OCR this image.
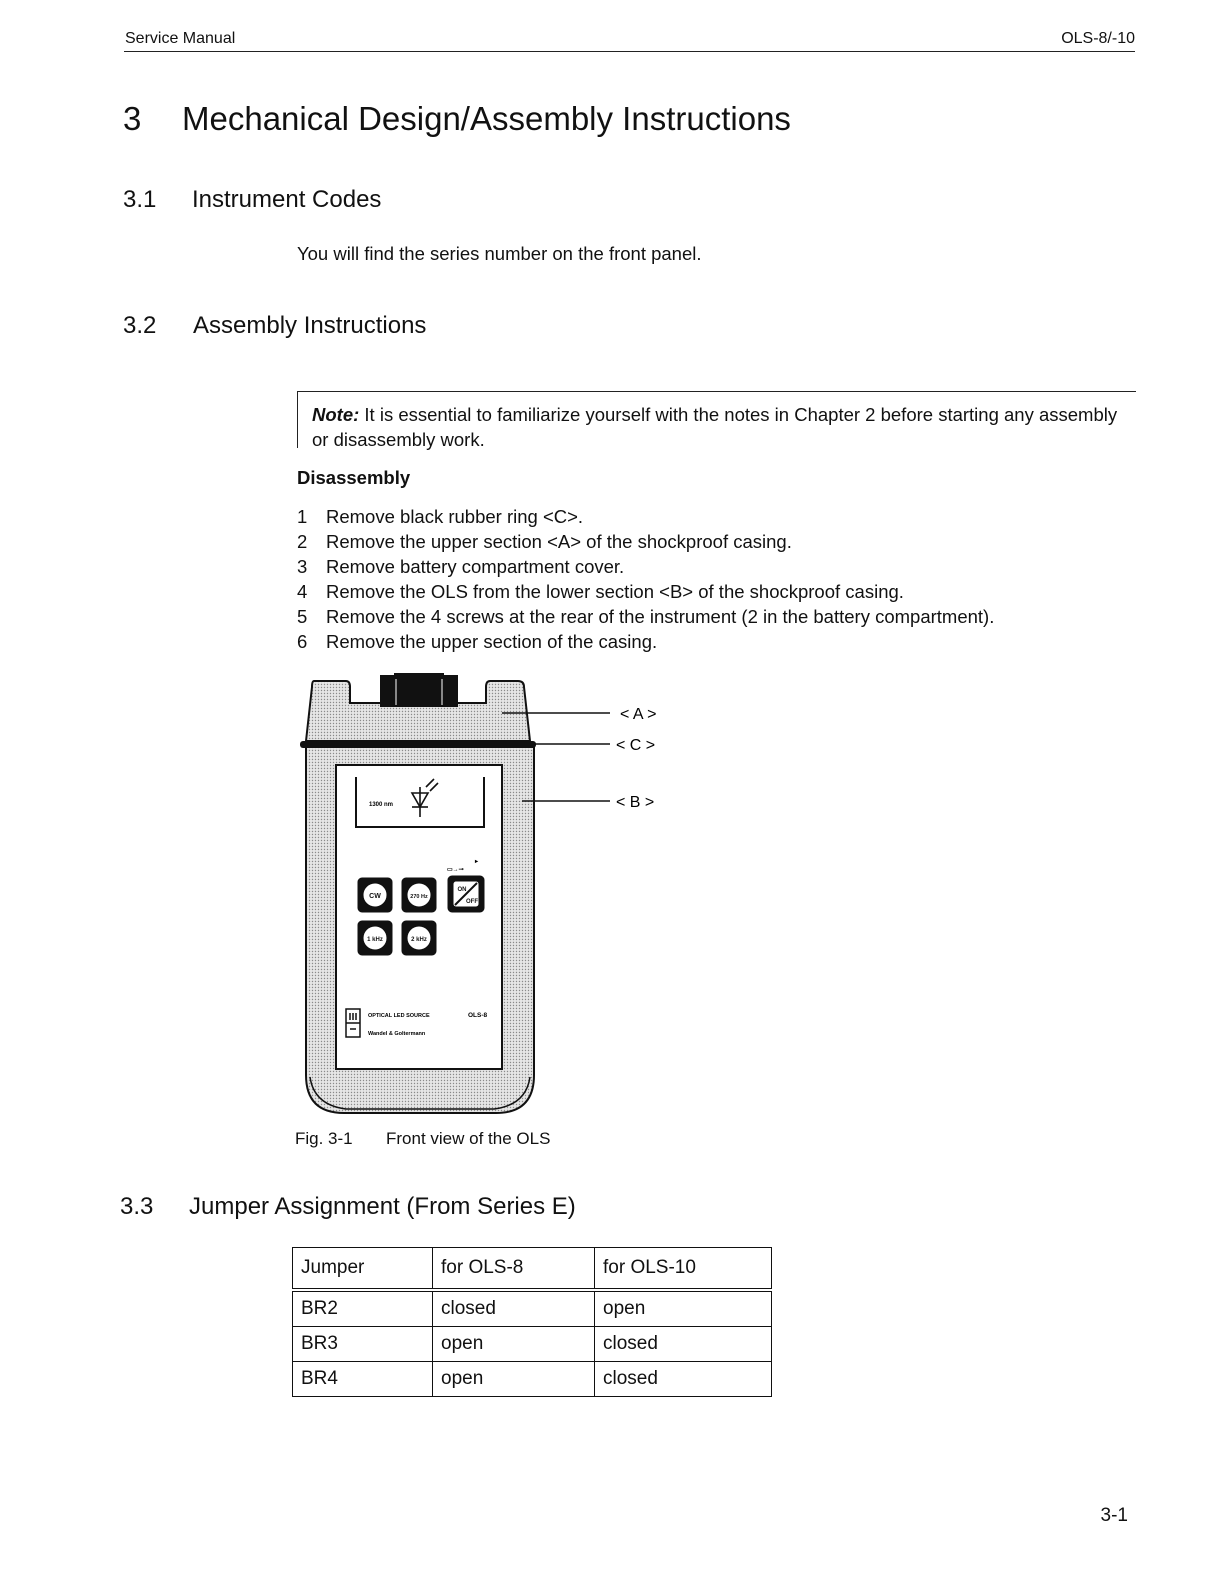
Service Manual	OLS-8/-10
3 Mechanical Design/Assembly Instructions
3.1 Instrument Codes
You will find the series number on the front panel.
3.2 Assembly Instructions
Note: It is essential to familiarize yourself with the notes in Chapter 2 before starting any assembly or disassembly work.
Disassembly
1 Remove black rubber ring <C>.
2 Remove the upper section <A> of the shockproof casing.
3 Remove battery compartment cover.
4 Remove the OLS from the lower section <B> of the shockproof casing.
5 Remove the 4 screws at the rear of the instrument (2 in the battery compartment).
6 Remove the upper section of the casing.
1300 nm
▭→⊸
▸
CW	270 Hz
ON
OFF
1 kHz	2 kHz
OPTICAL LED SOURCE	OLS-8
Wandel & Goltermann
< A >
< C >
< B >
Fig. 3-1 Front view of the OLS
3.3 Jumper Assignment (From Series E)
Jumper	for OLS-8	for OLS-10
BR2	closed	open
BR3	open	closed
BR4	open	closed
3-1
